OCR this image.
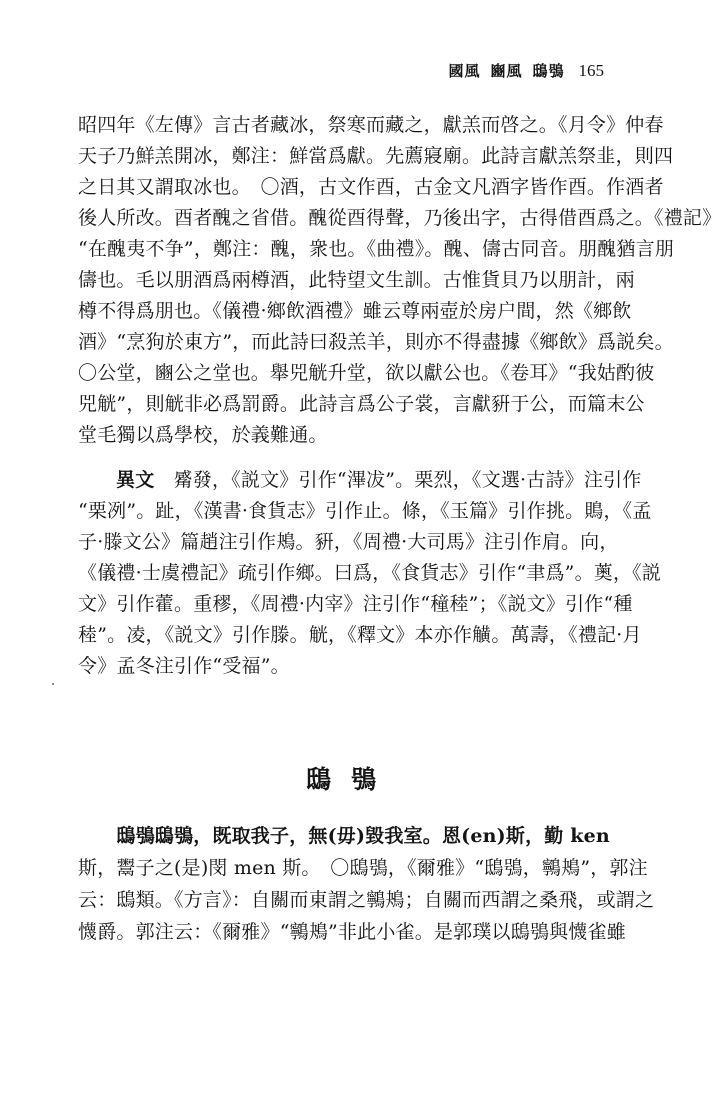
國風 豳風 鴟鴞 165
昭四年《左傳》言古者藏冰，祭寒而藏之，獻羔而啓之。《月令》仲春
天子乃鮮羔開冰，鄭注：鮮當爲獻。先薦寢廟。此詩言獻羔祭韭，則四
之日其又謂取冰也。　〇酒，古文作酉，古金文凡酒字皆作酉。作酒者
後人所改。酉者醜之省借。醜從酉得聲，乃後出字，古得借酉爲之。《禮記》
“在醜夷不争”，鄭注：醜，衆也。《曲禮》。醜、儔古同音。朋醜猶言朋
儔也。毛以朋酒爲兩樽酒，此特望文生訓。古惟貨貝乃以朋計，兩
樽不得爲朋也。《儀禮·鄉飲酒禮》雖云尊兩壺於房户間，然《鄉飲
酒》“烹狗於東方”，而此詩曰殺羔羊，則亦不得盡據《鄉飲》爲説矣。
〇公堂，豳公之堂也。舉兕觥升堂，欲以獻公也。《卷耳》“我姑酌彼
兕觥”，則觥非必爲罰爵。此詩言爲公子裳，言獻豣于公，而篇末公
堂毛獨以爲學校，於義難通。
異文　 觱發，《説文》引作“滭冹”。栗烈，《文選·古詩》注引作
“栗冽”。趾，《漢書·食貨志》引作止。條，《玉篇》引作挑。鵙，《孟
子·滕文公》篇趙注引作鴂。豣，《周禮·大司馬》注引作肩。向，
《儀禮·士虞禮記》疏引作鄉。曰爲，《食貨志》引作“聿爲”。薁，《説
文》引作藿。重穋，《周禮·内宰》注引作“穜稑”；《説文》引作“種
稑”。凌，《説文》引作滕。觥，《釋文》本亦作觵。萬壽，《禮記·月
令》孟冬注引作“受福”。
鴟鴞
　　鴟鴞鴟鴞，既取我子，無(毋)毀我室。恩(en)斯，勤 ken
斯，鬻子之(是)閔 men 斯。　〇鴟鴞，《爾雅》“鴟鴞，鸋鴂”，郭注
云：鴟類。《方言》：自關而東謂之鸋鴂；自關而西謂之桑飛，或謂之
懱爵。郭注云：《爾雅》“鸋鴂”非此小雀。是郭璞以鴟鴞與懱雀雖
